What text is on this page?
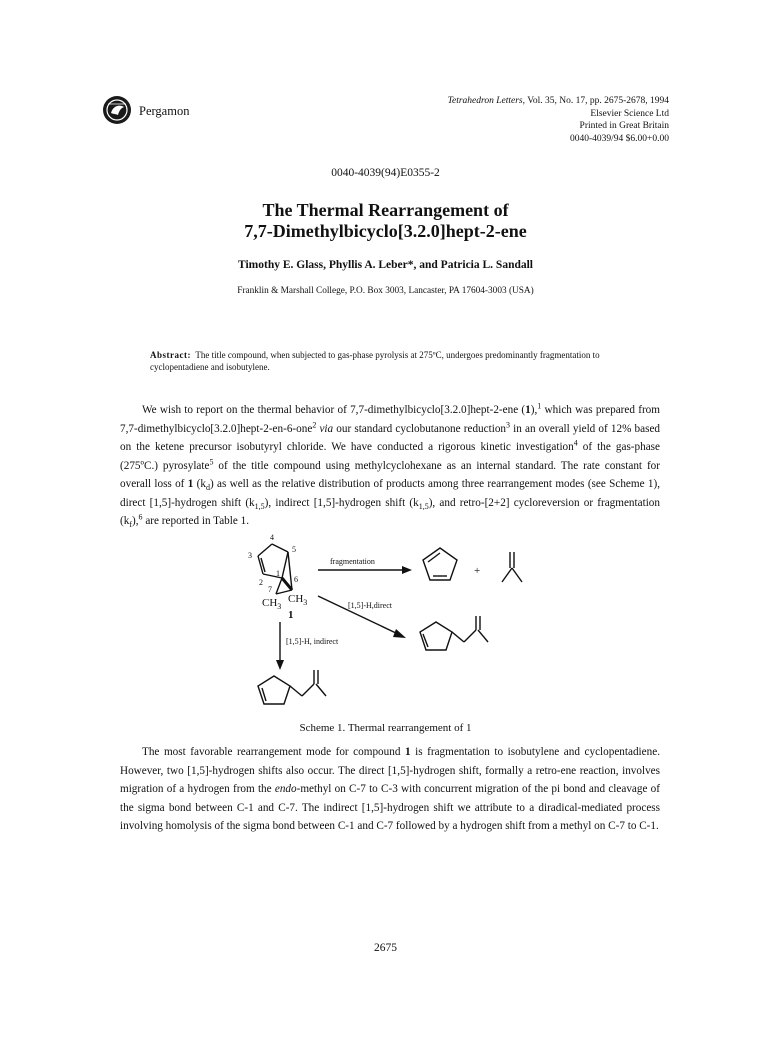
Pergamon
Tetrahedron Letters, Vol. 35, No. 17, pp. 2675-2678, 1994
Elsevier Science Ltd
Printed in Great Britain
0040-4039/94 $6.00+0.00
0040-4039(94)E0355-2
The Thermal Rearrangement of
7,7-Dimethylbicyclo[3.2.0]hept-2-ene
Timothy E. Glass, Phyllis A. Leber*, and Patricia L. Sandall
Franklin & Marshall College, P.O. Box 3003, Lancaster, PA 17604-3003 (USA)
Abstract: The title compound, when subjected to gas-phase pyrolysis at 275ºC, undergoes predominantly fragmentation to cyclopentadiene and isobutylene.
We wish to report on the thermal behavior of 7,7-dimethylbicyclo[3.2.0]hept-2-ene (1),$^1$ which was prepared from 7,7-dimethylbicyclo[3.2.0]hept-2-en-6-one$^2$ via our standard cyclobutanone reduction$^3$ in an overall yield of 12% based on the ketene precursor isobutyryl chloride. We have conducted a rigorous kinetic investigation$^4$ of the gas-phase (275ºC.) pyrosylate$^5$ of the title compound using methylcyclohexane as an internal standard. The rate constant for overall loss of 1 $(k_d)$ as well as the relative distribution of products among three rearrangement modes (see Scheme 1), direct [1,5]-hydrogen shift $(k_{1,5})$, indirect [1,5]-hydrogen shift $(k_{1,5})$, and retro-[2+2] cycloreversion or fragmentation $(k_f),^6$ are reported in Table 1.
4
3
5
2
1
6
7
$CH_3$
$CH_3$
1
fragmentation
+
[1,5]-H,direct
[1,5]-H, indirect
Scheme 1. Thermal rearrangement of 1
The most favorable rearrangement mode for compound 1 is fragmentation to isobutylene and cyclopentadiene. However, two [1,5]-hydrogen shifts also occur. The direct [1,5]-hydrogen shift, formally a retro-ene reaction, involves migration of a hydrogen from the endo-methyl on C-7 to C-3 with concurrent migration of the pi bond and cleavage of the sigma bond between C-1 and C-7. The indirect [1,5]-hydrogen shift we attribute to a diradical-mediated process involving homolysis of the sigma bond between C-1 and C-7 followed by a hydrogen shift from a methyl on C-7 to C-1.
2675
